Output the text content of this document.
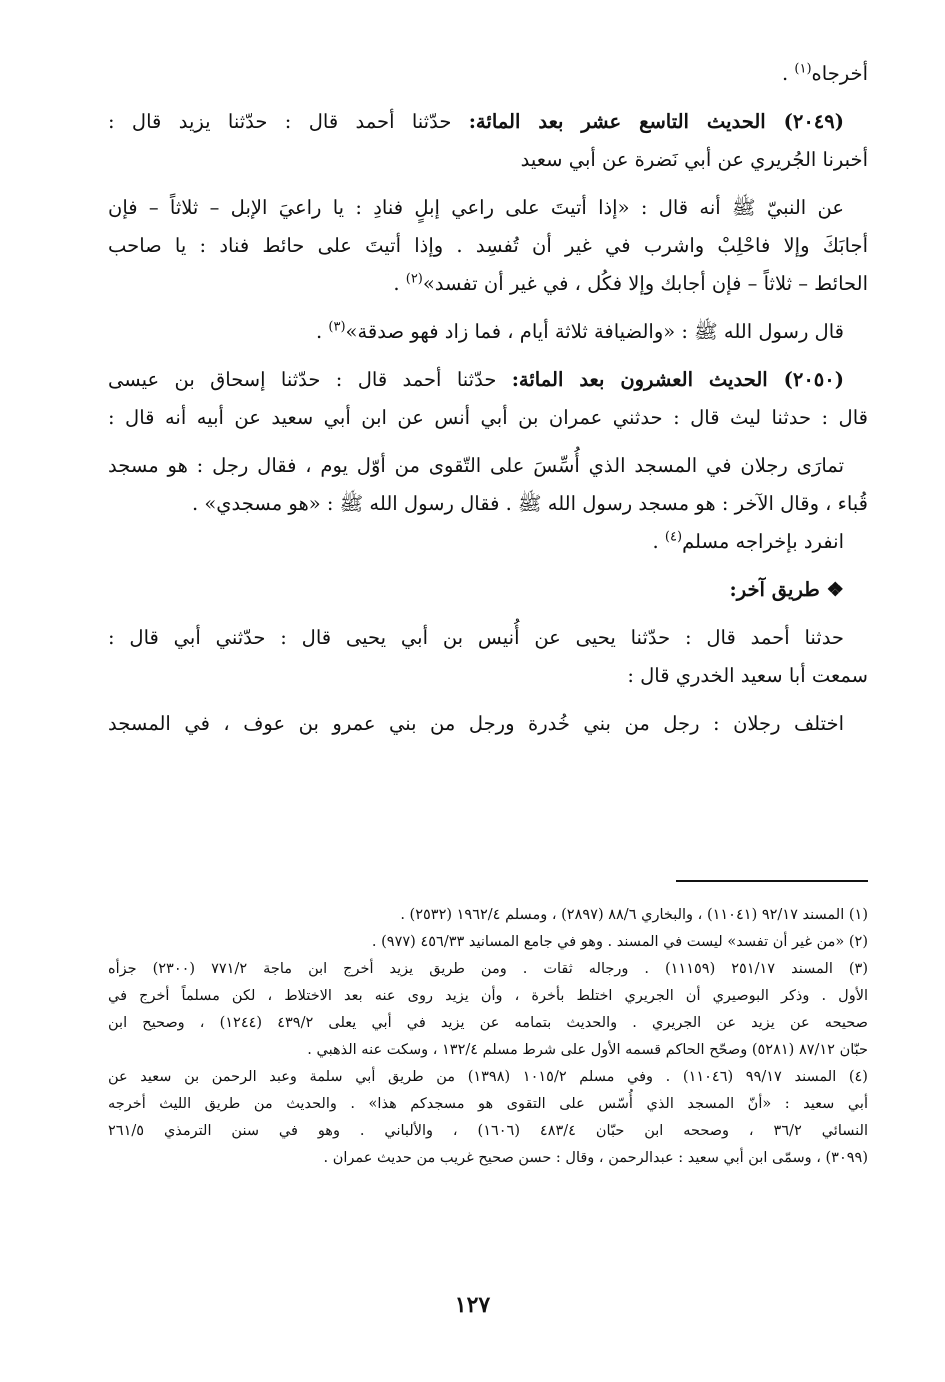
أخرجاه$^{(١)}$ .
(٢٠٤٩) الحديث التاسع عشر بعد المائة: حدّثنا أحمد قال : حدّثنا يزيد قال :
أخبرنا الجُريري عن أبي نَضرة عن أبي سعيد
عن النبيّ ﷺ أنه قال : «إذا أتيتَ على راعي إبلٍ فنادِ : يا راعيَ الإبل – ثلاثاً – فإن
أجابَكَ وإلا فاحْلِبْ واشرب في غير أن تُفسِد . وإذا أتيتَ على حائط فناد : يا صاحب
الحائط – ثلاثاً – فإن أجابك وإلا فكُل ، في غير أن تفسد»$^{(٢)}$ .
قال رسول الله ﷺ : «والضيافة ثلاثة أيام ، فما زاد فهو صدقة»$^{(٣)}$ .
(٢٠٥٠) الحديث العشرون بعد المائة: حدّثنا أحمد قال : حدّثنا إسحاق بن عيسى
قال : حدثنا ليث قال : حدثني عمران بن أبي أنس عن ابن أبي سعيد عن أبيه أنه قال :
تمارَى رجلان في المسجد الذي أُسِّسَ على التّقوى من أوّل يوم ، فقال رجل : هو مسجد
قُباء ، وقال الآخر : هو مسجد رسول الله ﷺ . فقال رسول الله ﷺ : «هو مسجدي» .
انفرد بإخراجه مسلم$^{(٤)}$ .
❖ طريق آخر:
حدثنا أحمد قال : حدّثنا يحيى عن أُنيس بن أبي يحيى قال : حدّثني أبي قال :
سمعت أبا سعيد الخدري قال :
اختلف رجلان : رجل من بني خُدرة ورجل من بني عمرو بن عوف ، في المسجد
(١) المسند ٩٢/١٧ (١١٠٤١) ، والبخاري ٨٨/٦ (٢٨٩٧) ، ومسلم ١٩٦٢/٤ (٢٥٣٢) .
(٢) «من غير أن تفسد» ليست في المسند . وهو في جامع المسانيد ٤٥٦/٣٣ (٩٧٧) .
(٣) المسند ٢٥١/١٧ (١١١٥٩) . ورجاله ثقات . ومن طريق يزيد أخرج ابن ماجة ٧٧١/٢ (٢٣٠٠) جزأه
الأول . وذكر البوصيري أن الجريري اختلط بأخرة ، وأن يزيد روى عنه بعد الاختلاط ، لكن مسلماً أخرج في
صحيحه عن يزيد عن الجريري . والحديث بتمامه عن يزيد في أبي يعلى ٤٣٩/٢ (١٢٤٤) ، وصحيح ابن
حبّان ٨٧/١٢ (٥٢٨١) وصحّح الحاكم قسمه الأول على شرط مسلم ١٣٢/٤ ، وسكت عنه الذهبي .
(٤) المسند ٩٩/١٧ (١١٠٤٦) . وفي مسلم ١٠١٥/٢ (١٣٩٨) من طريق أبي سلمة وعبد الرحمن بن سعيد عن
أبي سعيد : «أنّ المسجد الذي أُسّس على التقوى هو مسجدكم هذا» . والحديث من طريق الليث أخرجه
النسائي ٣٦/٢ ، وصححه ابن حبّان ٤٨٣/٤ (١٦٠٦) ، والألباني . وهو في سنن الترمذي ٢٦١/٥
(٣٠٩٩) ، وسمّى ابن أبي سعيد : عبدالرحمن ، وقال : حسن صحيح غريب من حديث عمران .
١٢٧
